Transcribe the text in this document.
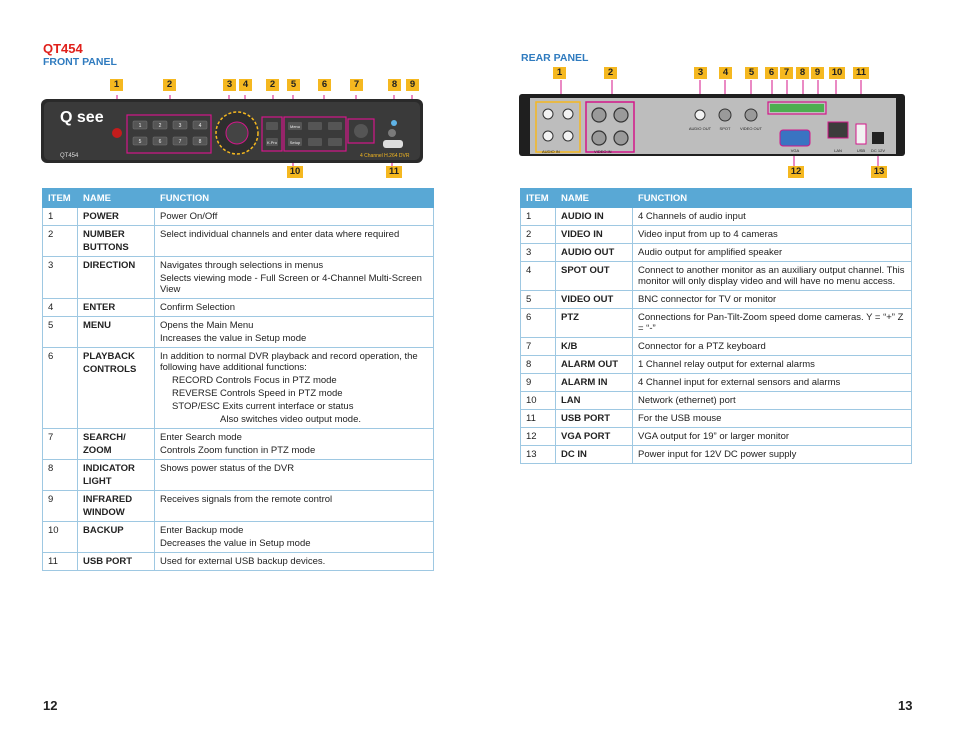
QT454
FRONT PANEL
1	2	3	4	2	5	6	7	8	9
Q see
QT454
1	2	3	4
5	6	7	8
Menu
K.Pro	Setup
4 Channel H.264 DVR
10	11
ITEM	NAME	FUNCTION
1	POWER	Power On/Off

2	NUMBER
BUTTONS	Select individual channels and enter data where required

3	DIRECTION	Navigates through selections in menus
Selects viewing mode - Full Screen or 4-Channel Multi-Screen View

4	ENTER	Confirm Selection

5	MENU	Opens the Main Menu
Increases the value in Setup mode

6	PLAYBACK
CONTROLS	In addition to normal DVR playback and record operation, the following have additional functions:
RECORD Controls Focus in PTZ mode
REVERSE Controls Speed in PTZ mode
STOP/ESC Exits current interface or status
Also switches video output mode.

7	SEARCH/
ZOOM	Enter Search mode
Controls Zoom function in PTZ mode

8	INDICATOR
LIGHT	Shows power status of the DVR

9	INFRARED
WINDOW	Receives signals from the remote control

10	BACKUP	Enter Backup mode
Decreases the value in Setup mode

11	USB PORT	Used for external USB backup devices.
12
REAR PANEL
1	2	3	4	5	6	7	8	9	10	11
AUDIO IN	VIDEO IN
AUDIO OUT SPOT VIDEO OUT
VGA	LAN	USB DC 12V
12	13
ITEM	NAME	FUNCTION
1	AUDIO IN	4 Channels of audio input

2	VIDEO IN	Video input from up to 4 cameras

3	AUDIO OUT	Audio output for amplified speaker

4	SPOT OUT	Connect to another monitor as an auxiliary output channel. This monitor will only display video and will have no menu access.

5	VIDEO OUT	BNC connector for TV or monitor

6	PTZ	Connections for Pan-Tilt-Zoom speed dome cameras. Y = “+” Z = “-”

7	K/B	Connector for a PTZ keyboard

8	ALARM OUT	1 Channel relay output for external alarms

9	ALARM IN	4 Channel input for external sensors and alarms

10	LAN	Network (ethernet) port

11	USB PORT	For the USB mouse

12	VGA PORT	VGA output for 19” or larger monitor

13	DC IN	Power input for 12V DC power supply
13
